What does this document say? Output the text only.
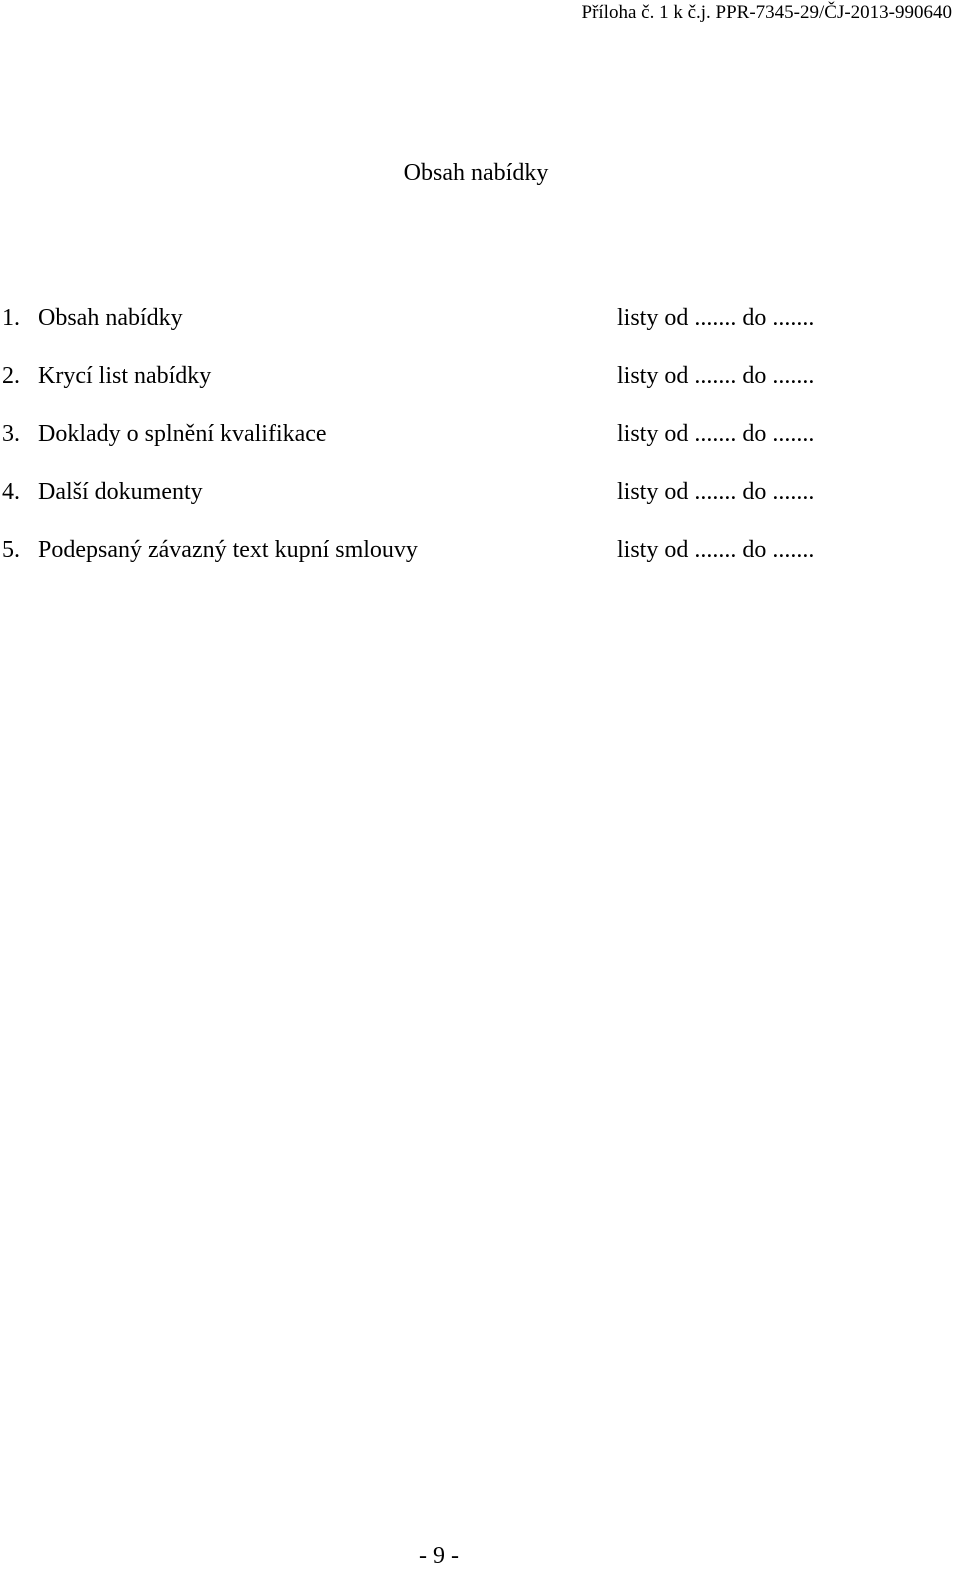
Příloha č. 1 k č.j. PPR-7345-29/ČJ-2013-990640
Obsah nabídky
1. Obsah nabídky	listy od ....... do .......
2. Krycí list nabídky	listy od ....... do .......
3. Doklady o splnění kvalifikace	listy od ....... do .......
4. Další dokumenty	listy od ....... do .......
5. Podepsaný závazný text kupní smlouvy	listy od ....... do .......
- 9 -
